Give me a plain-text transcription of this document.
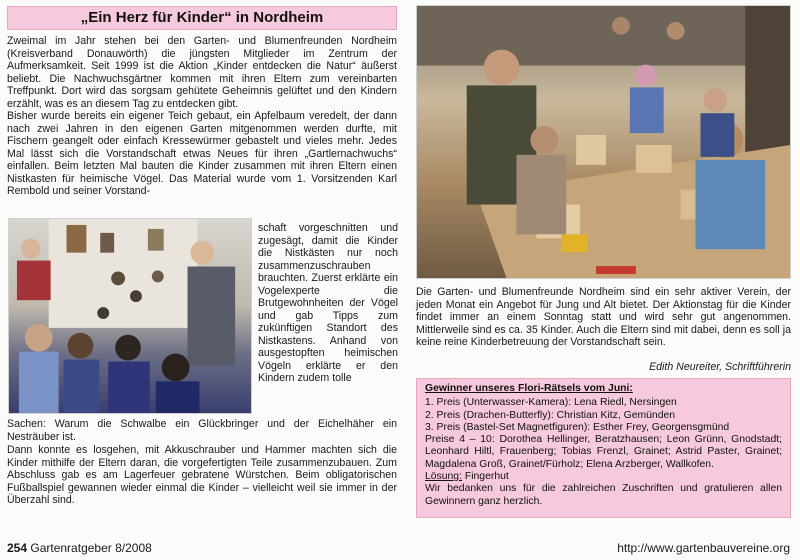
„Ein Herz für Kinder“ in Nordheim
Zweimal im Jahr stehen bei den Garten- und Blumenfreunden Nordheim (Kreisverband Donauwörth) die jüngsten Mitglieder im Zentrum der Aufmerksamkeit. Seit 1999 ist die Aktion „Kinder entdecken die Natur“ äußerst beliebt. Die Nachwuchsgärtner kommen mit ihren Eltern zum vereinbarten Treffpunkt. Dort wird das sorgsam gehütete Geheimnis gelüftet und den Kindern erzählt, was es an diesem Tag zu entdecken gibt.
Bisher wurde bereits ein eigener Teich gebaut, ein Apfelbaum veredelt, der dann nach zwei Jahren in den eigenen Garten mitgenommen werden durfte, mit Fischern geangelt oder einfach Kressewürmer gebastelt und vieles mehr. Jedes Mal lässt sich die Vorstandschaft etwas Neues für ihren „Gartlernachwuchs“ einfallen. Beim letzten Mal bauten die Kinder zusammen mit ihren Eltern einen Nistkasten für heimische Vögel. Das Material wurde vom 1. Vorsitzenden Karl Rembold und seiner Vorstand-
schaft vorgeschnitten und zugesägt, damit die Kinder die Nistkästen nur noch zusammenzuschrauben brauchten. Zuerst erklärte ein Vogelexperte die Brutgewohnheiten der Vögel und gab Tipps zum zukünftigen Standort des Nistkastens. Anhand von ausgestopften heimischen Vögeln erklärte er den Kindern zudem tolle
Sachen: Warum die Schwalbe ein Glückbringer und der Eichelhäher ein Nesträuber ist.
Dann konnte es losgehen, mit Akkuschrauber und Hammer machten sich die Kinder mithilfe der Eltern daran, die vorgefertigten Teile zusammenzubauen. Zum Abschluss gab es am Lagerfeuer gebratene Würstchen. Beim obligatorischen Fußballspiel gewannen wieder einmal die Kinder – vielleicht weil sie immer in der Überzahl sind.
Die Garten- und Blumenfreunde Nordheim sind ein sehr aktiver Verein, der jeden Monat ein Angebot für Jung und Alt bietet. Der Aktionstag für die Kinder findet immer an einem Sonntag statt und wird sehr gut angenommen. Mittlerweile sind es ca. 35 Kinder. Auch die Eltern sind mit dabei, denn es soll ja keine reine Kinderbetreuung der Vorstandschaft sein.
Edith Neureiter, Schriftführerin
Gewinner unseres Flori-Rätsels vom Juni:
1. Preis (Unterwasser-Kamera): Lena Riedl, Nersingen
2. Preis (Drachen-Butterfly): Christian Kitz, Gemünden
3. Preis (Bastel-Set Magnetfiguren): Esther Frey, Georgensgmünd
Preise 4 – 10: Dorothea Hellinger, Beratzhausen; Leon Grünn, Gnodstadt; Leonhard Hiltl, Frauenberg; Tobias Frenzl, Grainet; Astrid Paster, Grainet; Magdalena Groß, Grainet/Fürholz; Elena Arzberger, Wallkofen.
Lösung: Fingerhut
Wir bedanken uns für die zahlreichen Zuschriften und gratulieren allen Gewinnern ganz herzlich.
254 Gartenratgeber 8/2008	http://www.gartenbauvereine.org
